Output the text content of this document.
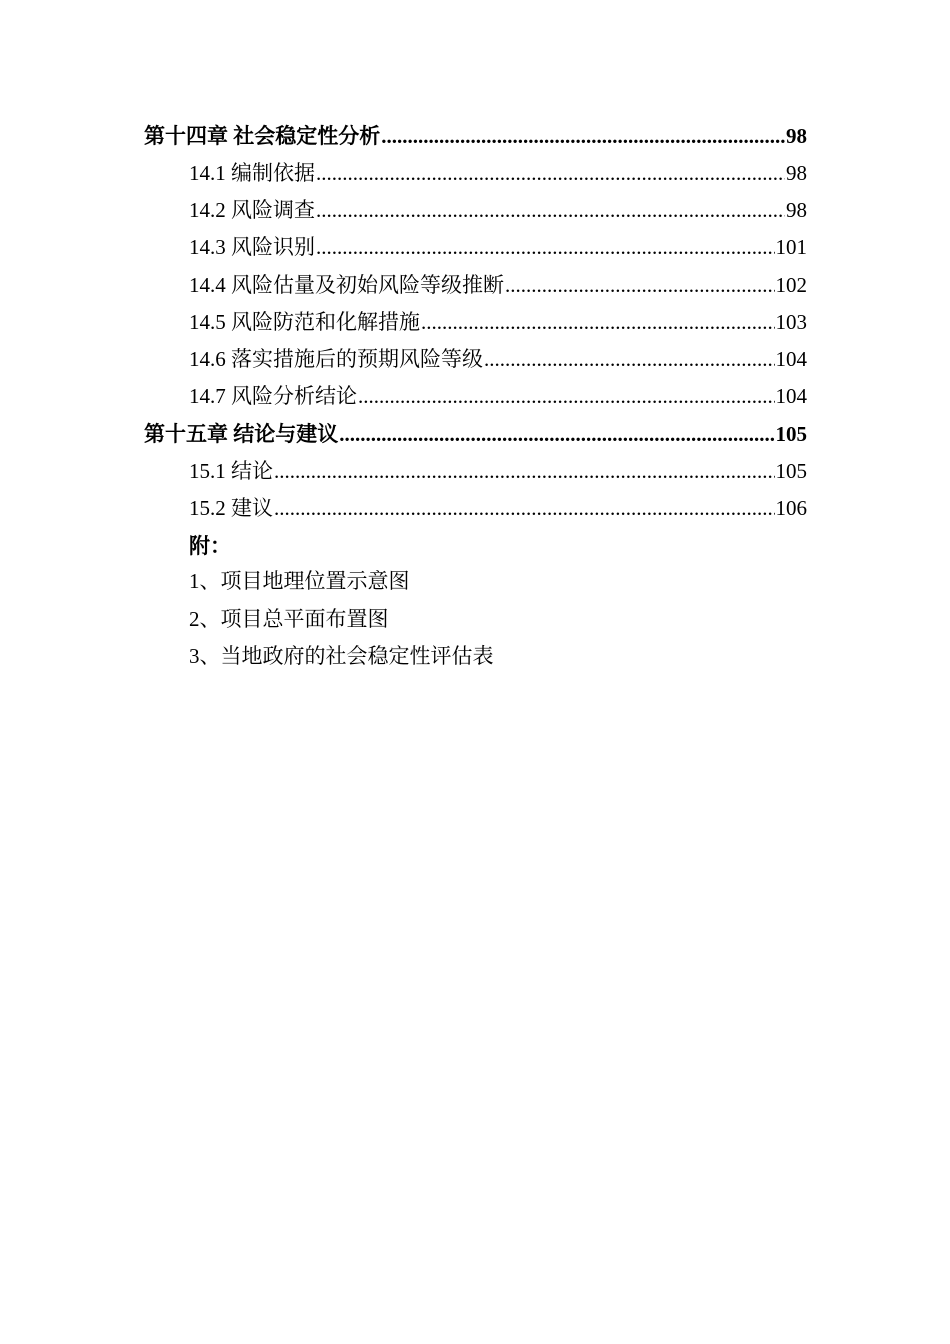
第十四章 社会稳定性分析 .....	98
14.1 编制依据 .....	98
14.2 风险调查 .....	98
14.3 风险识别 .....	101
14.4 风险估量及初始风险等级推断 .....	102
14.5 风险防范和化解措施 .....	103
14.6 落实措施后的预期风险等级 .....	104
14.7 风险分析结论 .....	104
第十五章 结论与建议 .....	105
15.1 结论 .....	105
15.2 建议 .....	106
附：
1、项目地理位置示意图
2、项目总平面布置图
3、当地政府的社会稳定性评估表
